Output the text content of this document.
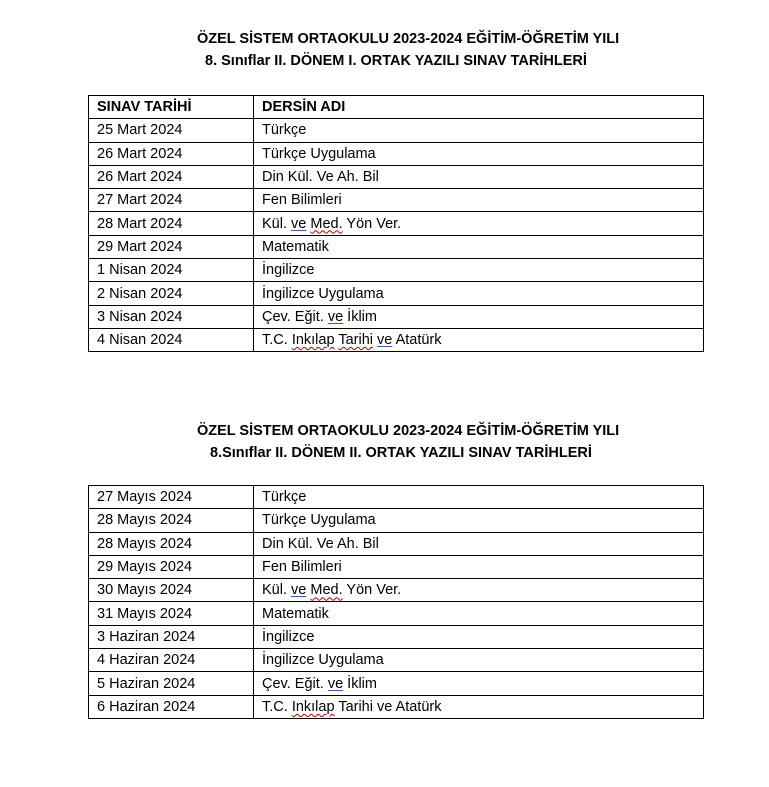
ÖZEL SİSTEM ORTAOKULU 2023-2024 EĞİTİM-ÖĞRETİM YILI
8. Sınıflar II. DÖNEM I. ORTAK YAZILI SINAV TARİHLERİ
SINAV TARİHİ	DERSİN ADI
25 Mart 2024	Türkçe
26 Mart 2024	Türkçe Uygulama
26 Mart 2024	Din Kül. Ve Ah. Bil
27 Mart 2024	Fen Bilimleri
28 Mart 2024	Kül. ve Med. Yön Ver.
29 Mart 2024	Matematik
1 Nisan 2024	İngilizce
2 Nisan 2024	İngilizce Uygulama
3 Nisan 2024	Çev. Eğit. ve İklim
4 Nisan 2024	T.C. Inkılap Tarihi ve Atatürk
ÖZEL SİSTEM ORTAOKULU 2023-2024 EĞİTİM-ÖĞRETİM YILI
8.Sınıflar II. DÖNEM II. ORTAK YAZILI SINAV TARİHLERİ
27 Mayıs 2024	Türkçe
28 Mayıs 2024	Türkçe Uygulama
28 Mayıs 2024	Din Kül. Ve Ah. Bil
29 Mayıs 2024	Fen Bilimleri
30 Mayıs 2024	Kül. ve Med. Yön Ver.
31 Mayıs 2024	Matematik
3 Haziran 2024	İngilizce
4 Haziran 2024	İngilizce Uygulama
5 Haziran 2024	Çev. Eğit. ve İklim
6 Haziran 2024	T.C. Inkılap Tarihi ve Atatürk
